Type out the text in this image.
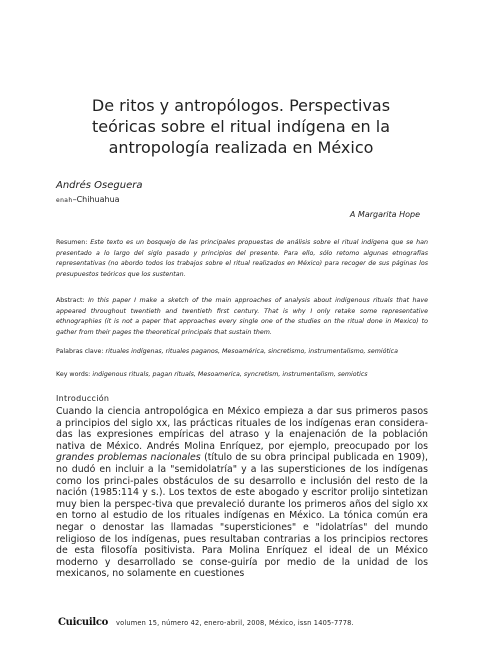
De ritos y antropólogos. Perspectivas teóricas sobre el ritual indígena en la antropología realizada en México
Andrés Oseguera
enah–Chihuahua
A Margarita Hope

Resumen: Este texto es un bosquejo de las principales propuestas de análisis sobre el ritual indígena que se han presentado a lo largo del siglo pasado y principios del presente. Para ello, sólo retomo algunas etnografías representativas (no abordo todos los trabajos sobre el ritual realizados en México) para recoger de sus páginas los presupuestos teóricos que los sustentan.

Abstract: In this paper I make a sketch of the main approaches of analysis about indigenous rituals that have appeared throughout twentieth and twentieth first century. That is why I only retake some representative ethnographies (it is not a paper that approaches every single one of the studies on the ritual done in Mexico) to gather from their pages the theoretical principals that sustain them.

Palabras clave: rituales indígenas, rituales paganos, Mesoamérica, sincretismo, instrumentalismo, semiótica

Key words: indigenous rituals, pagan rituals, Mesoamerica, syncretism, instrumentalism, semiotics

Introducción

Cuando la ciencia antropológica en México empieza a dar sus primeros pasos a principios del siglo xx, las prácticas rituales de los indígenas eran considera-das las expresiones empíricas del atraso y la enajenación de la población nativa de México. Andrés Molina Enríquez, por ejemplo, preocupado por los grandes problemas nacionales (título de su obra principal publicada en 1909), no dudó en incluir a la "semidolatría" y a las supersticiones de los indígenas como los princi-pales obstáculos de su desarrollo e inclusión del resto de la nación (1985:114 y s.). Los textos de este abogado y escritor prolijo sintetizan muy bien la perspec-tiva que prevaleció durante los primeros años del siglo xx en torno al estudio de los rituales indígenas en México. La tónica común era negar o denostar las llamadas "supersticiones" e "idolatrías" del mundo religioso de los indígenas, pues resultaban contrarias a los principios rectores de esta filosofía positivista. Para Molina Enríquez el ideal de un México moderno y desarrollado se conse-guiría por medio de la unidad de los mexicanos, no solamente en cuestiones

Cuicuilco volumen 15, número 42, enero-abril, 2008, México, issn 1405-7778.
